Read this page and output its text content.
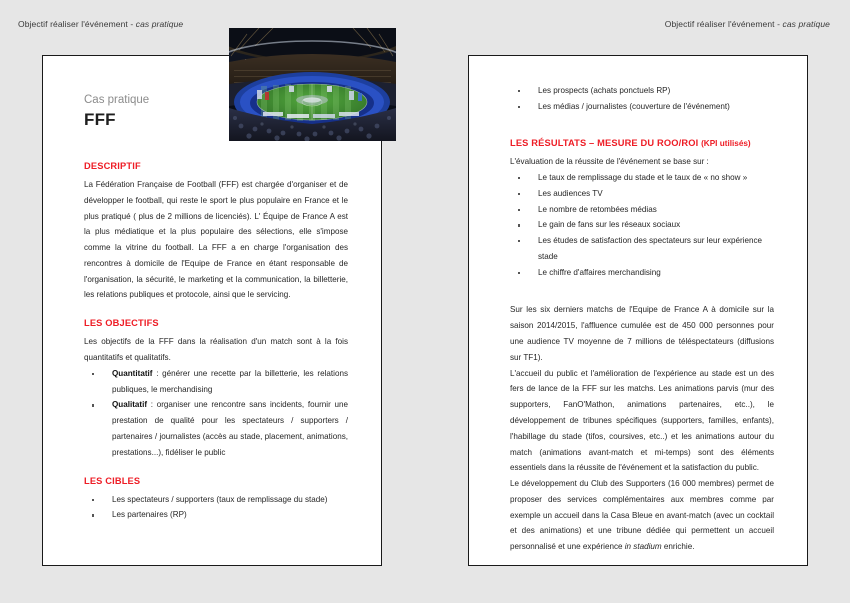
Objectif réaliser l'événement - cas pratique	Objectif réaliser l'événement - cas pratique
Cas pratique
FFF
DESCRIPTIF

La Fédération Française de Football (FFF) est chargée d'organiser et de développer le football, qui reste le sport le plus populaire en France et le plus pratiqué ( plus de 2 millions de licenciés). L' Équipe de France A est la plus médiatique et la plus populaire des sélections, elle s'impose comme la vitrine du football. La FFF a en charge l'organisation des rencontres à domicile de l'Equipe de France en étant responsable de l'organisation, la sécurité, le marketing et la communication, la billetterie, les relations publiques et protocole, ainsi que le servicing.

LES OBJECTIFS

Les objectifs de la FFF dans la réalisation d'un match sont à la fois quantitatifs et qualitatifs.

Quantitatif : générer une recette par la billetterie, les relations publiques, le merchandising
Qualitatif : organiser une rencontre sans incidents, fournir une prestation de qualité pour les spectateurs / supporters / partenaires / journalistes (accès au stade, placement, animations, prestations...), fidéliser le public
LES CIBLES
Les spectateurs / supporters (taux de remplissage du stade)
Les partenaires (RP)
Les prospects (achats ponctuels RP)
Les médias / journalistes (couverture de l'événement)
LES RÉSULTATS – MESURE DU ROO/ROI (KPI utilisés)

L'évaluation de la réussite de l'événement se base sur :

Le taux de remplissage du stade et le taux de « no show »
Les audiences TV
Le nombre de retombées médias
Le gain de fans sur les réseaux sociaux
Les études de satisfaction des spectateurs sur leur expérience stade
Le chiffre d'affaires merchandising

Sur les six derniers matchs de l'Equipe de France A à domicile sur la saison 2014/2015, l'affluence cumulée est de 450 000 personnes pour une audience TV moyenne de 7 millions de téléspectateurs (diffusions sur TF1).

L'accueil du public et l'amélioration de l'expérience au stade est un des fers de lance de la FFF sur les matchs. Les animations parvis (mur des supporters, FanO'Mathon, animations partenaires, etc..), le développement de tribunes spécifiques (supporters, familles, enfants), l'habillage du stade (tifos, coursives, etc..) et les animations autour du match (animations avant-match et mi-temps) sont des éléments essentiels dans la réussite de l'événement et la satisfaction du public.

Le développement du Club des Supporters (16 000 membres) permet de proposer des services complémentaires aux membres comme par exemple un accueil dans la Casa Bleue en avant-match (avec un cocktail et des animations) et une tribune dédiée qui permettent un accueil personnalisé et une expérience in stadium enrichie.
